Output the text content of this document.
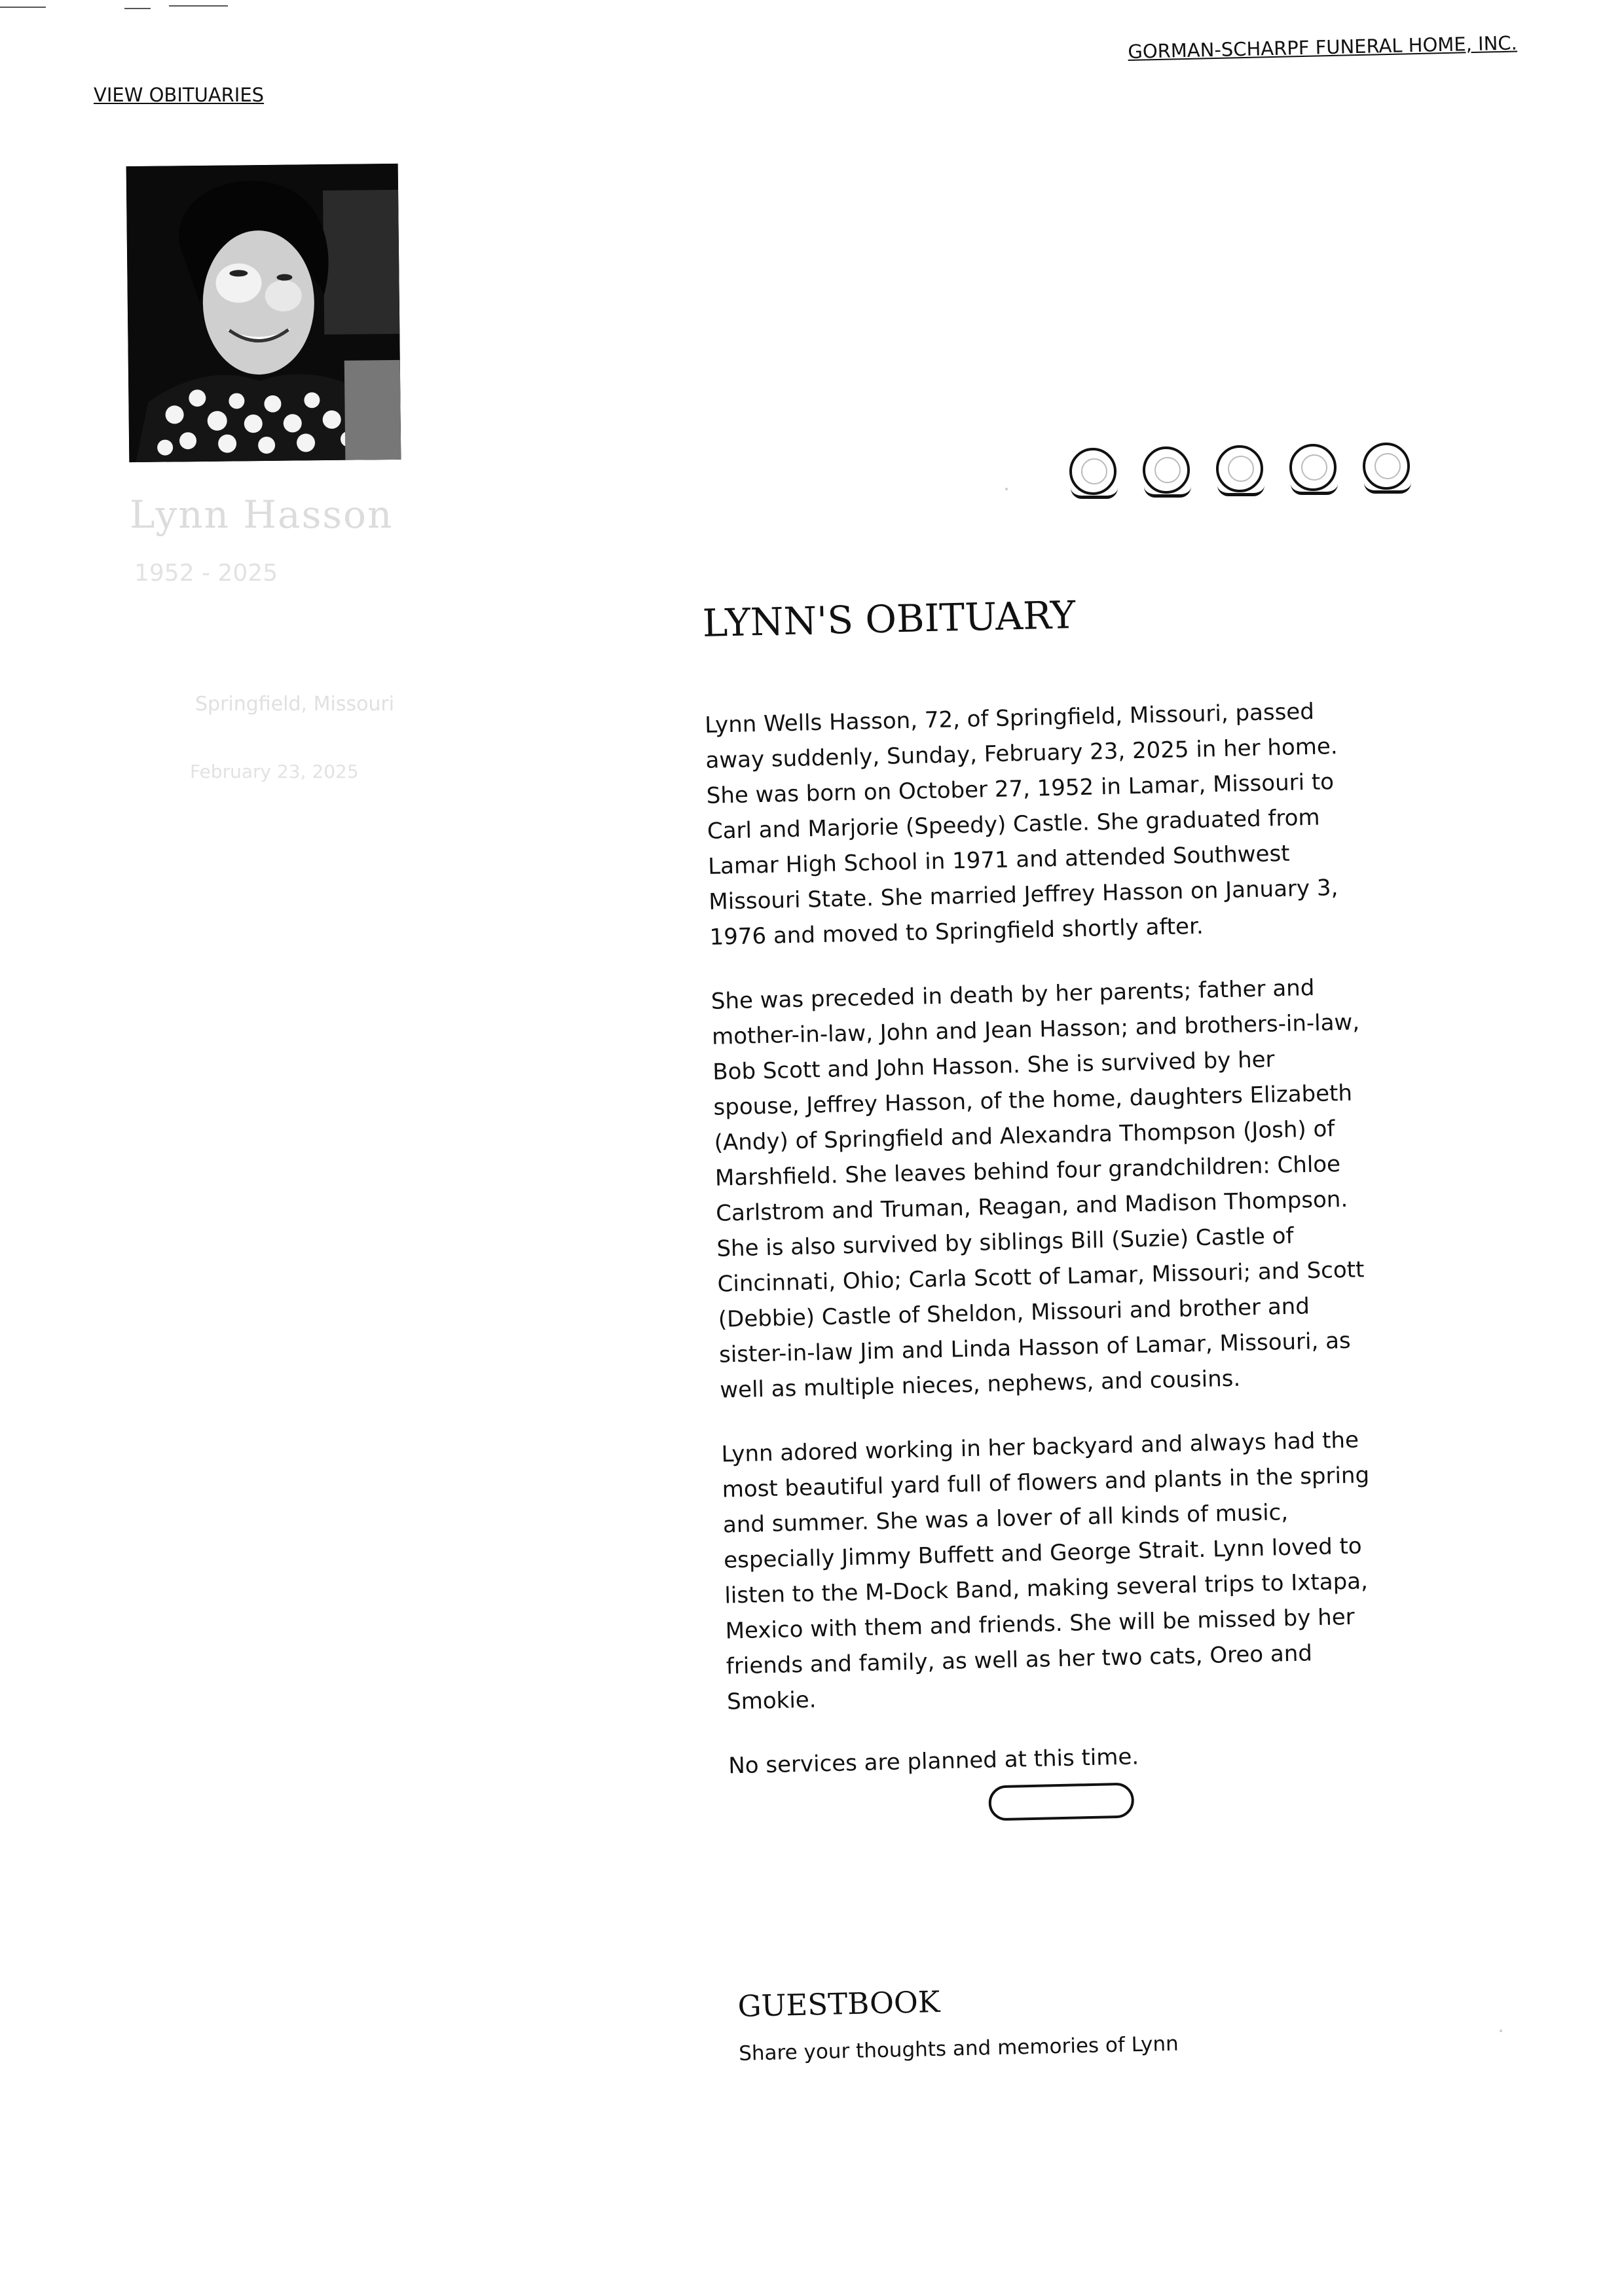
GORMAN-SCHARPF FUNERAL HOME, INC.
VIEW OBITUARIES
Lynn Hasson
1952 - 2025
Springfield, Missouri
February 23, 2025
LYNN'S OBITUARY

Lynn Wells Hasson, 72, of Springfield, Missouri, passed away suddenly, Sunday, February 23, 2025 in her home. She was born on October 27, 1952 in Lamar, Missouri to Carl and Marjorie (Speedy) Castle. She graduated from Lamar High School in 1971 and attended Southwest Missouri State. She married Jeffrey Hasson on January 3, 1976 and moved to Springfield shortly after.

She was preceded in death by her parents; father and mother-in-law, John and Jean Hasson; and brothers-in-law, Bob Scott and John Hasson. She is survived by her spouse, Jeffrey Hasson, of the home, daughters Elizabeth (Andy) of Springfield and Alexandra Thompson (Josh) of Marshfield. She leaves behind four grandchildren: Chloe Carlstrom and Truman, Reagan, and Madison Thompson. She is also survived by siblings Bill (Suzie) Castle of Cincinnati, Ohio; Carla Scott of Lamar, Missouri; and Scott (Debbie) Castle of Sheldon, Missouri and brother and sister-in-law Jim and Linda Hasson of Lamar, Missouri, as well as multiple nieces, nephews, and cousins.

Lynn adored working in her backyard and always had the most beautiful yard full of flowers and plants in the spring and summer. She was a lover of all kinds of music, especially Jimmy Buffett and George Strait. Lynn loved to listen to the M-Dock Band, making several trips to Ixtapa, Mexico with them and friends. She will be missed by her friends and family, as well as her two cats, Oreo and Smokie.

No services are planned at this time.

GUESTBOOK
Share your thoughts and memories of Lynn
